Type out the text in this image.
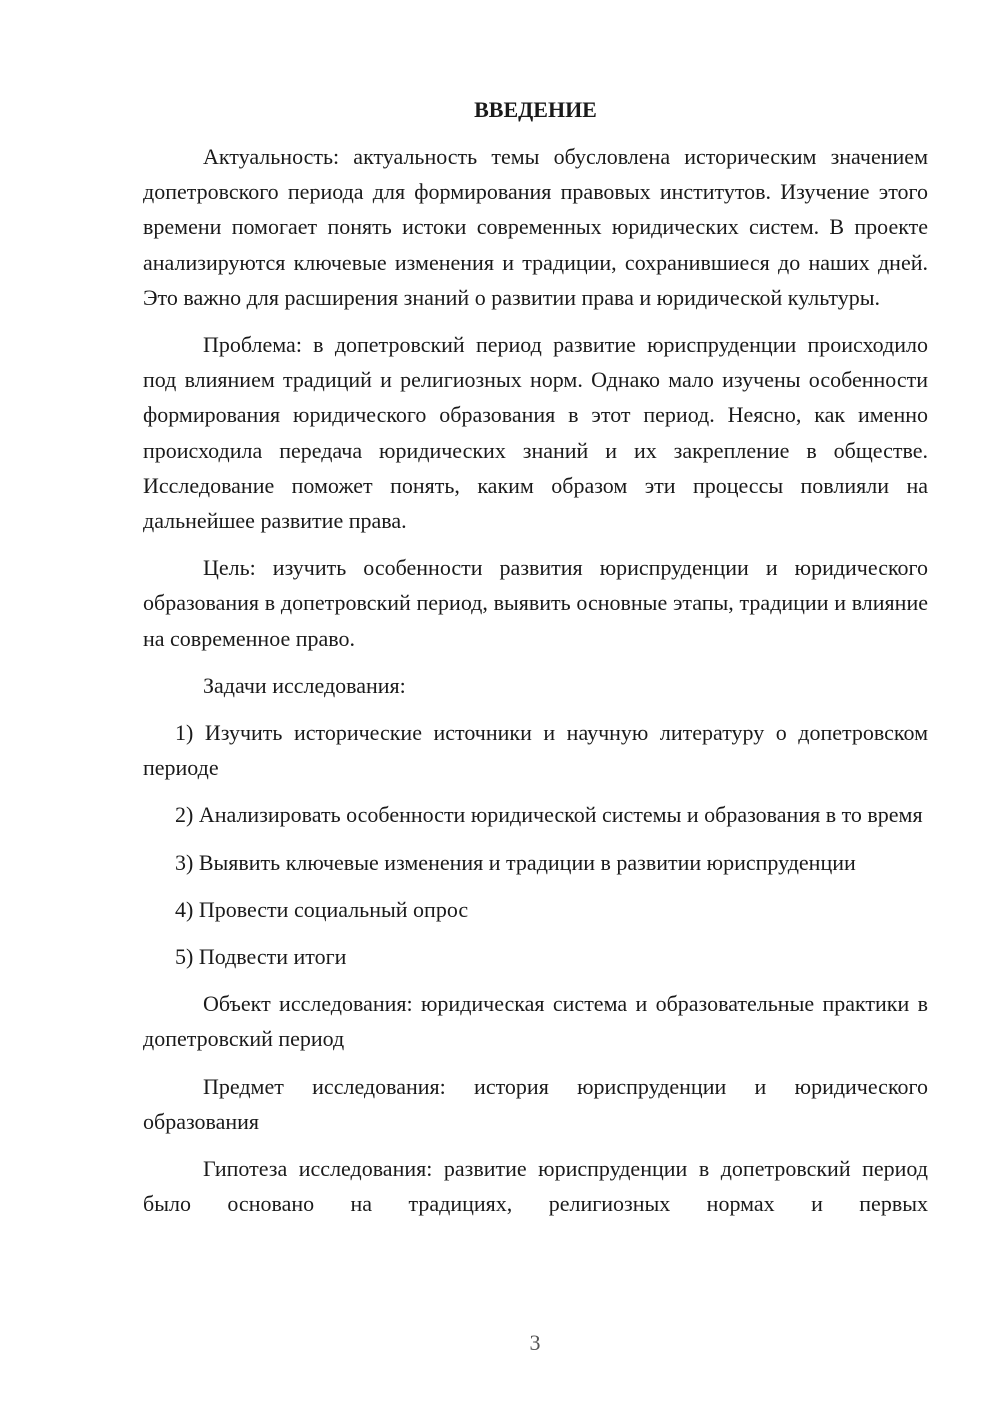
ВВЕДЕНИЕ

Актуальность: актуальность темы обусловлена историческим значением допетровского периода для формирования правовых институтов. Изучение этого времени помогает понять истоки современных юридических систем. В проекте анализируются ключевые изменения и традиции, сохранившиеся до наших дней. Это важно для расширения знаний о развитии права и юридической культуры.

Проблема: в допетровский период развитие юриспруденции происходило под влиянием традиций и религиозных норм. Однако мало изучены особенности формирования юридического образования в этот период. Неясно, как именно происходила передача юридических знаний и их закрепление в обществе. Исследование поможет понять, каким образом эти процессы повлияли на дальнейшее развитие права.

Цель: изучить особенности развития юриспруденции и юридического образования в допетровский период, выявить основные этапы, традиции и влияние на современное право.

Задачи исследования:

1) Изучить исторические источники и научную литературу о допетровском периоде

2) Анализировать особенности юридической системы и образования в то время

3) Выявить ключевые изменения и традиции в развитии юриспруденции

4) Провести социальный опрос

5) Подвести итоги

Объект исследования: юридическая система и образовательные практики в допетровский период

Предмет исследования: история юриспруденции и юридического образования

Гипотеза исследования: развитие юриспруденции в допетровский период было основано на традициях, религиозных нормах и первых

3
